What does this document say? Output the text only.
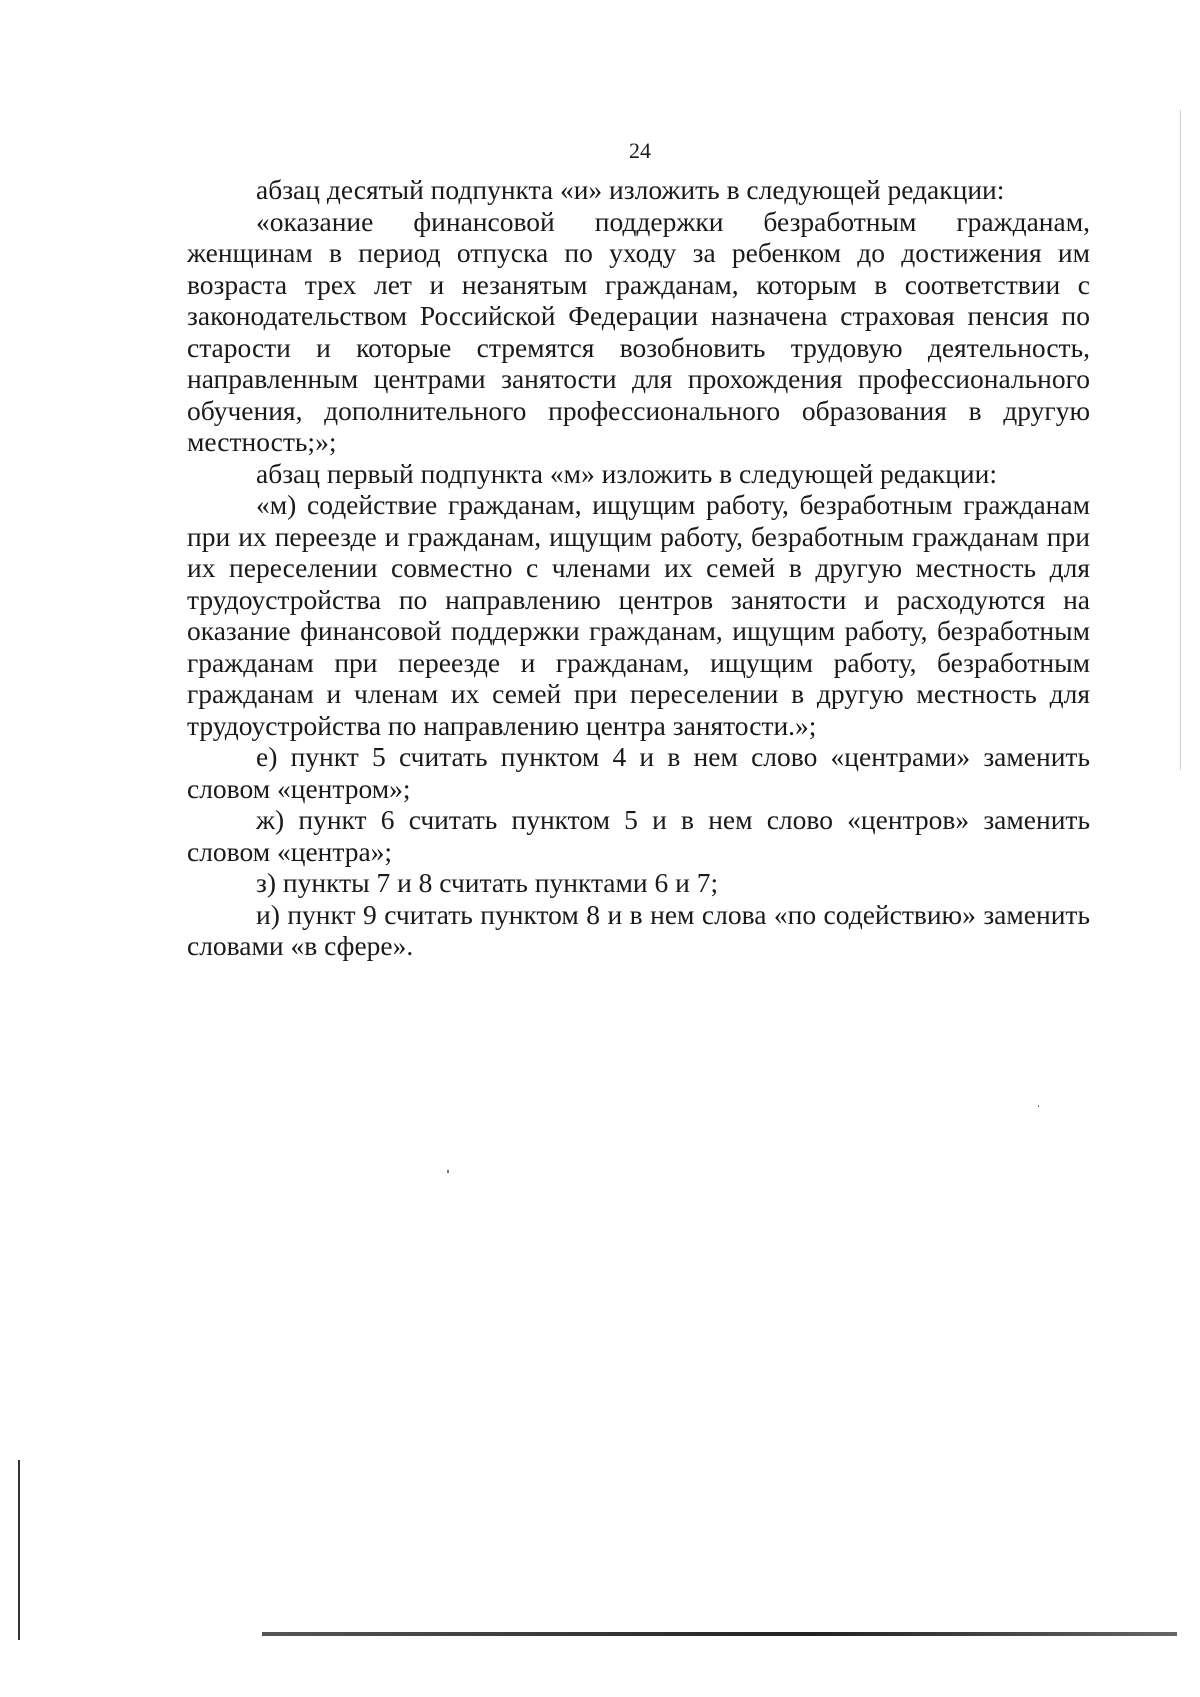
24

абзац десятый подпункта «и» изложить в следующей редакции:

«оказание финансовой поддержки безработным гражданам, женщинам в период отпуска по уходу за ребенком до достижения им возраста трех лет и незанятым гражданам, которым в соответствии с законодательством Российской Федерации назначена страховая пенсия по старости и которые стремятся возобновить трудовую деятельность, направленным центрами занятости для прохождения профессионального обучения, дополнительного профессионального образования в другую местность;»;

абзац первый подпункта «м» изложить в следующей редакции:

«м) содействие гражданам, ищущим работу, безработным гражданам при их переезде и гражданам, ищущим работу, безработным гражданам при их переселении совместно с членами их семей в другую местность для трудоустройства по направлению центров занятости и расходуются на оказание финансовой поддержки гражданам, ищущим работу, безработным гражданам при переезде и гражданам, ищущим работу, безработным гражданам и членам их семей при переселении в другую местность для трудоустройства по направлению центра занятости.»;

е) пункт 5 считать пунктом 4 и в нем слово «центрами» заменить словом «центром»;

ж) пункт 6 считать пунктом 5 и в нем слово «центров» заменить словом «центра»;

з) пункты 7 и 8 считать пунктами 6 и 7;

и) пункт 9 считать пунктом 8 и в нем слова «по содействию» заменить словами «в сфере».
